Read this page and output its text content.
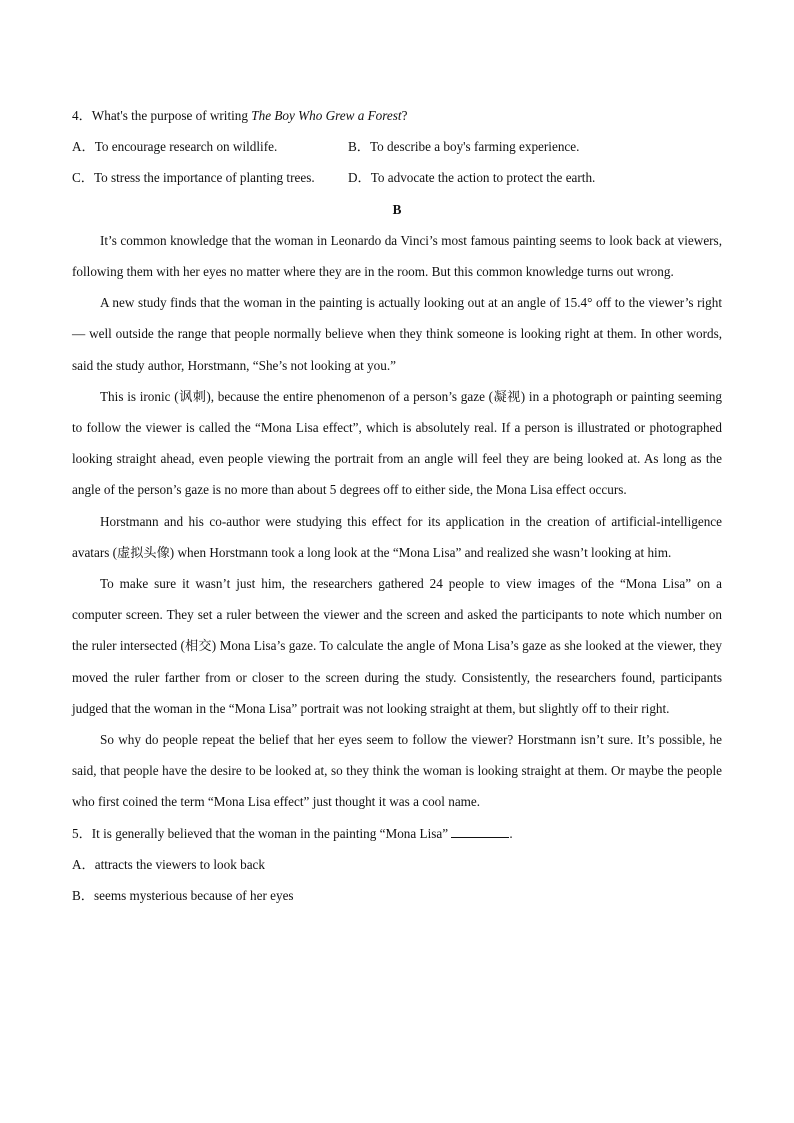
4．What's the purpose of writing The Boy Who Grew a Forest?
A．To encourage research on wildlife.	B．To describe a boy's farming experience.
C．To stress the importance of planting trees.	D．To advocate the action to protect the earth.
B

It’s common knowledge that the woman in Leonardo da Vinci’s most famous painting seems to look back at viewers, following them with her eyes no matter where they are in the room. But this common knowledge turns out wrong.

A new study finds that the woman in the painting is actually looking out at an angle of 15.4° off to the viewer’s right — well outside the range that people normally believe when they think someone is looking right at them. In other words, said the study author, Horstmann, “She’s not looking at you.”

This is ironic (讽刺), because the entire phenomenon of a person’s gaze (凝视) in a photograph or painting seeming to follow the viewer is called the “Mona Lisa effect”, which is absolutely real. If a person is illustrated or photographed looking straight ahead, even people viewing the portrait from an angle will feel they are being looked at. As long as the angle of the person’s gaze is no more than about 5 degrees off to either side, the Mona Lisa effect occurs.

Horstmann and his co-author were studying this effect for its application in the creation of artificial-intelligence avatars (虚拟头像) when Horstmann took a long look at the “Mona Lisa” and realized she wasn’t looking at him.

To make sure it wasn’t just him, the researchers gathered 24 people to view images of the “Mona Lisa” on a computer screen. They set a ruler between the viewer and the screen and asked the participants to note which number on the ruler intersected (相交) Mona Lisa’s gaze. To calculate the angle of Mona Lisa’s gaze as she looked at the viewer, they moved the ruler farther from or closer to the screen during the study. Consistently, the researchers found, participants judged that the woman in the “Mona Lisa” portrait was not looking straight at them, but slightly off to their right.

So why do people repeat the belief that her eyes seem to follow the viewer? Horstmann isn’t sure. It’s possible, he said, that people have the desire to be looked at, so they think the woman is looking straight at them. Or maybe the people who first coined the term “Mona Lisa effect” just thought it was a cool name.

5．It is generally believed that the woman in the painting “Mona Lisa”	.
A．attracts the viewers to look back
B．seems mysterious because of her eyes
